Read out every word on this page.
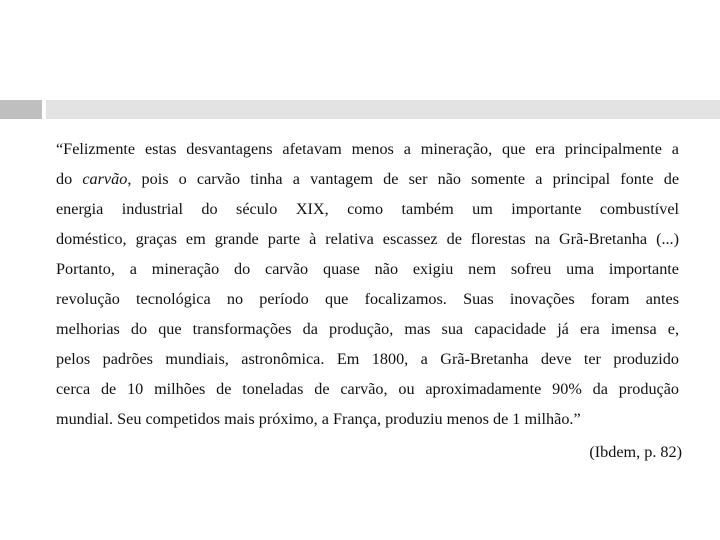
“Felizmente estas desvantagens afetavam menos a mineração, que era principalmente a
do carvão, pois o carvão tinha a vantagem de ser não somente a principal fonte de
energia industrial do século XIX, como também um importante combustível
doméstico, graças em grande parte à relativa escassez de florestas na Grã-Bretanha (...)
Portanto, a mineração do carvão quase não exigiu nem sofreu uma importante
revolução tecnológica no período que focalizamos. Suas inovações foram antes
melhorias do que transformações da produção, mas sua capacidade já era imensa e,
pelos padrões mundiais, astronômica. Em 1800, a Grã-Bretanha deve ter produzido
cerca de 10 milhões de toneladas de carvão, ou aproximadamente 90% da produção
mundial. Seu competidos mais próximo, a França, produziu menos de 1 milhão.”
(Ibdem, p. 82)
